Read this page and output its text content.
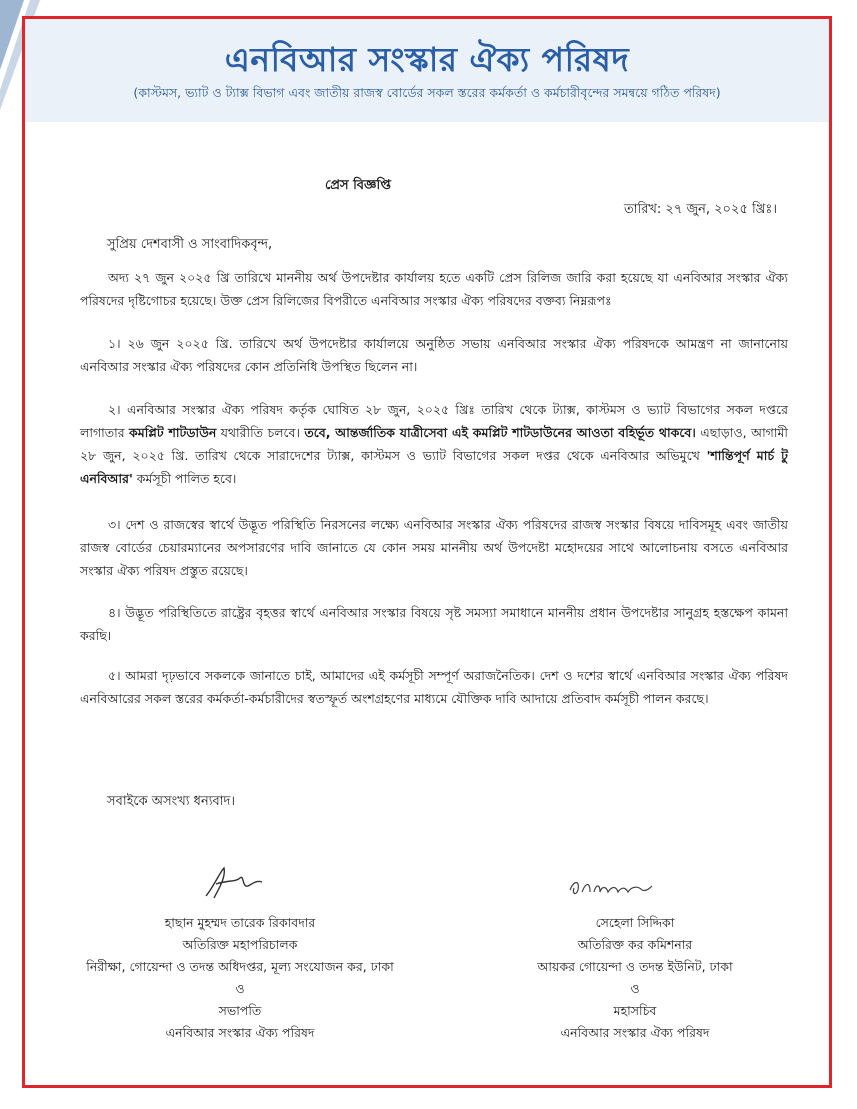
এনবিআর সংস্কার ঐক্য পরিষদ
(কাস্টমস, ভ্যাট ও ট্যাক্স বিভাগ এবং জাতীয় রাজস্ব বোর্ডের সকল স্তরের কর্মকর্তা ও কর্মচারীবৃন্দের সমন্বয়ে গঠিত পরিষদ)
প্রেস বিজ্ঞপ্তি
তারিখ: ২৭ জুন, ২০২৫ খ্রিঃ।
সুপ্রিয় দেশবাসী ও সাংবাদিকবৃন্দ,

অদ্য ২৭ জুন ২০২৫ খ্রি তারিখে মাননীয় অর্থ উপদেষ্টার কার্যালয় হতে একটি প্রেস রিলিজ জারি করা হয়েছে যা এনবিআর সংস্কার ঐক্য পরিষদের দৃষ্টিগোচর হয়েছে। উক্ত প্রেস রিলিজের বিপরীতে এনবিআর সংস্কার ঐক্য পরিষদের বক্তব্য নিম্নরূপঃ

১। ২৬ জুন ২০২৫ খ্রি. তারিখে অর্থ উপদেষ্টার কার্যালয়ে অনুষ্ঠিত সভায় এনবিআর সংস্কার ঐক্য পরিষদকে আমন্ত্রণ না জানানোয় এনবিআর সংস্কার ঐক্য পরিষদের কোন প্রতিনিধি উপস্থিত ছিলেন না।

২। এনবিআর সংস্কার ঐক্য পরিষদ কর্তৃক ঘোষিত ২৮ জুন, ২০২৫ খ্রিঃ তারিখ থেকে ট্যাক্স, কাস্টমস ও ভ্যাট বিভাগের সকল দপ্তরে লাগাতার কমপ্লিট শাটডাউন যথারীতি চলবে। তবে, আন্তর্জাতিক যাত্রীসেবা এই কমপ্লিট শাটডাউনের আওতা বহির্ভূত থাকবে। এছাড়াও, আগামী ২৮ জুন, ২০২৫ খ্রি. তারিখ থেকে সারাদেশের ট্যাক্স, কাস্টমস ও ভ্যাট বিভাগের সকল দপ্তর থেকে এনবিআর অভিমুখে 'শান্তিপূর্ণ মার্চ টু এনবিআর' কর্মসূচী পালিত হবে।

৩। দেশ ও রাজস্বের স্বার্থে উদ্ভূত পরিস্থিতি নিরসনের লক্ষ্যে এনবিআর সংস্কার ঐক্য পরিষদের রাজস্ব সংস্কার বিষয়ে দাবিসমূহ এবং জাতীয় রাজস্ব বোর্ডের চেয়ারম্যানের অপসারণের দাবি জানাতে যে কোন সময় মাননীয় অর্থ উপদেষ্টা মহোদয়ের সাথে আলোচনায় বসতে এনবিআর সংস্কার ঐক্য পরিষদ প্রস্তুত রয়েছে।

৪। উদ্ভূত পরিস্থিতিতে রাষ্ট্রের বৃহত্তর স্বার্থে এনবিআর সংস্কার বিষয়ে সৃষ্ট সমস্যা সমাধানে মাননীয় প্রধান উপদেষ্টার সানুগ্রহ হস্তক্ষেপ কামনা করছি।

৫। আমরা দৃঢ়ভাবে সকলকে জানাতে চাই, আমাদের এই কর্মসূচী সম্পূর্ণ অরাজনৈতিক। দেশ ও দশের স্বার্থে এনবিআর সংস্কার ঐক্য পরিষদ এনবিআরের সকল স্তরের কর্মকর্তা-কর্মচারীদের স্বতস্ফূর্ত অংশগ্রহণের মাধ্যমে যৌক্তিক দাবি আদায়ে প্রতিবাদ কর্মসূচী পালন করছে।

সবাইকে অসংখ্য ধন্যবাদ।
হাছান মুহম্মদ তারেক রিকাবদার
অতিরিক্ত মহাপরিচালক
নিরীক্ষা, গোয়েন্দা ও তদন্ত অধিদপ্তর, মূল্য সংযোজন কর, ঢাকা
ও
সভাপতি
এনবিআর সংস্কার ঐক্য পরিষদ
সেহেলা সিদ্দিকা
অতিরিক্ত কর কমিশনার
আয়কর গোয়েন্দা ও তদন্ত ইউনিট, ঢাকা
ও
মহাসচিব
এনবিআর সংস্কার ঐক্য পরিষদ
